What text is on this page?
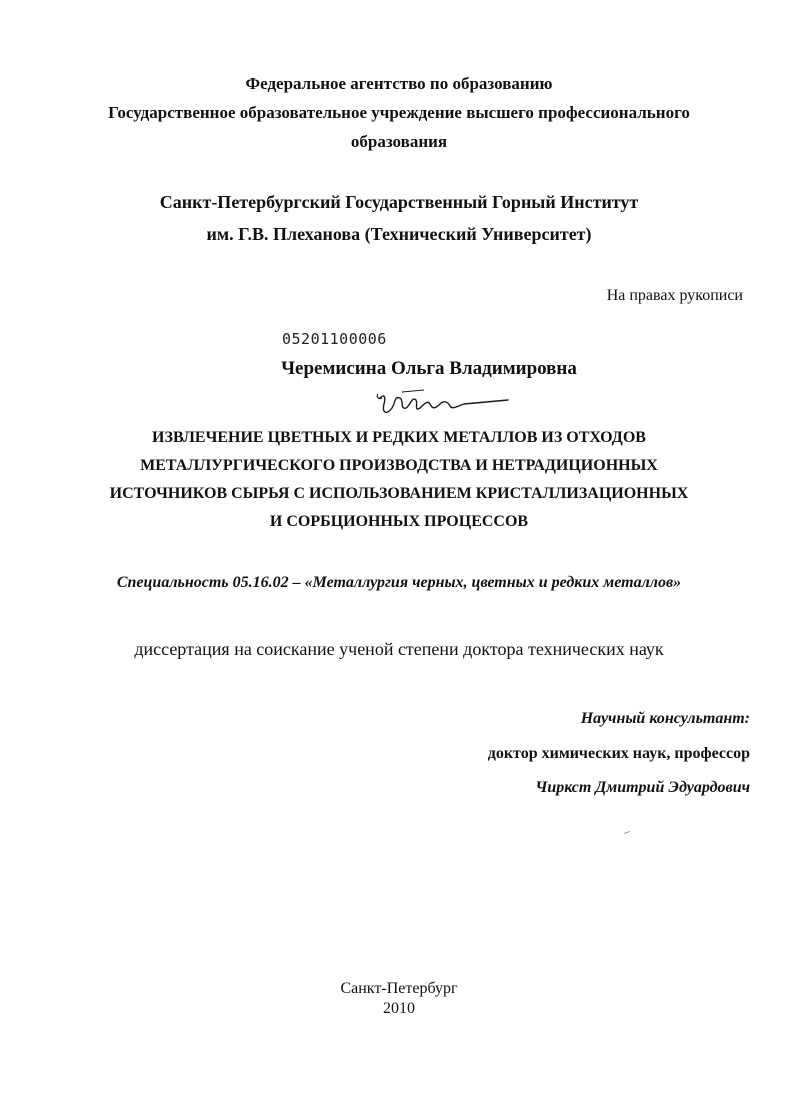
Федеральное агентство по образованию
Государственное образовательное учреждение высшего профессионального
образования
Санкт-Петербургский Государственный Горный Институт
им. Г.В. Плеханова (Технический Университет)
На правах рукописи
05201100006
Черемисина Ольга Владимировна
ИЗВЛЕЧЕНИЕ ЦВЕТНЫХ И РЕДКИХ МЕТАЛЛОВ ИЗ ОТХОДОВ
МЕТАЛЛУРГИЧЕСКОГО ПРОИЗВОДСТВА И НЕТРАДИЦИОННЫХ
ИСТОЧНИКОВ СЫРЬЯ С ИСПОЛЬЗОВАНИЕМ КРИСТАЛЛИЗАЦИОННЫХ
И СОРБЦИОННЫХ ПРОЦЕССОВ
Специальность 05.16.02 – «Металлургия черных, цветных и редких металлов»
диссертация на соискание ученой степени доктора технических наук
Научный консультант:
доктор химических наук, профессор
Чиркст Дмитрий Эдуардович
Санкт-Петербург
2010
